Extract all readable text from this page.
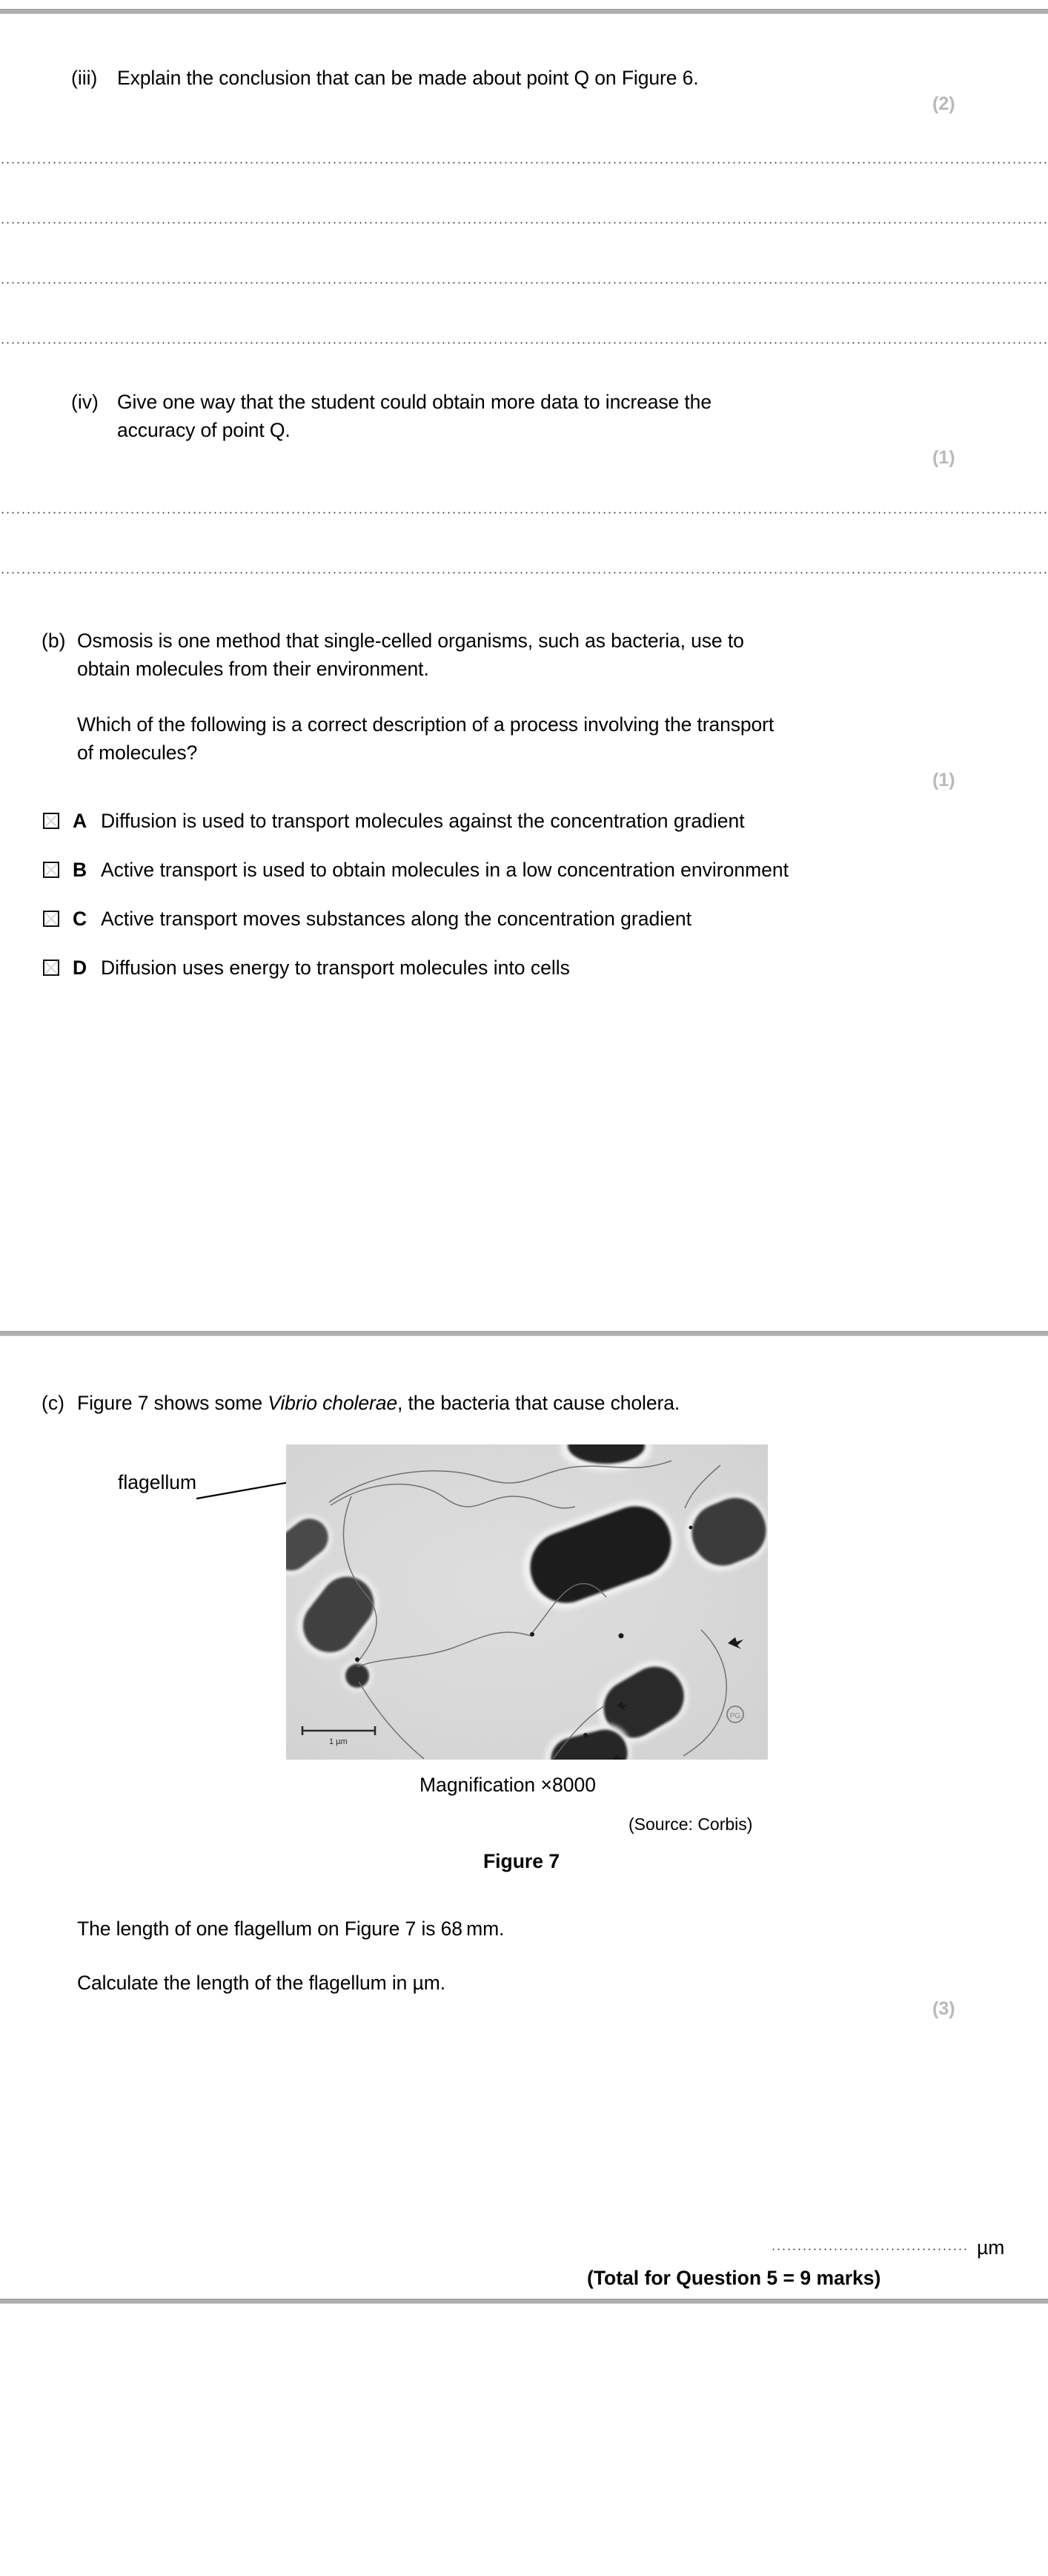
(iii) Explain the conclusion that can be made about point Q on Figure 6.
(2)
(iv) Give one way that the student could obtain more data to increase the
accuracy of point Q.
(1)
(b) Osmosis is one method that single-celled organisms, such as bacteria, use to
obtain molecules from their environment.
Which of the following is a correct description of a process involving the transport
of molecules?
(1)
A Diffusion is used to transport molecules against the concentration gradient
B Active transport is used to obtain molecules in a low concentration environment
C Active transport moves substances along the concentration gradient
D Diffusion uses energy to transport molecules into cells
(c) Figure 7 shows some Vibrio cholerae, the bacteria that cause cholera.
flagellum
PG
1 µm
Magnification ×8000
(Source: Corbis)
Figure 7
The length of one flagellum on Figure 7 is 68 mm.
Calculate the length of the flagellum in µm.
(3)
µm
(Total for Question 5 = 9 marks)
